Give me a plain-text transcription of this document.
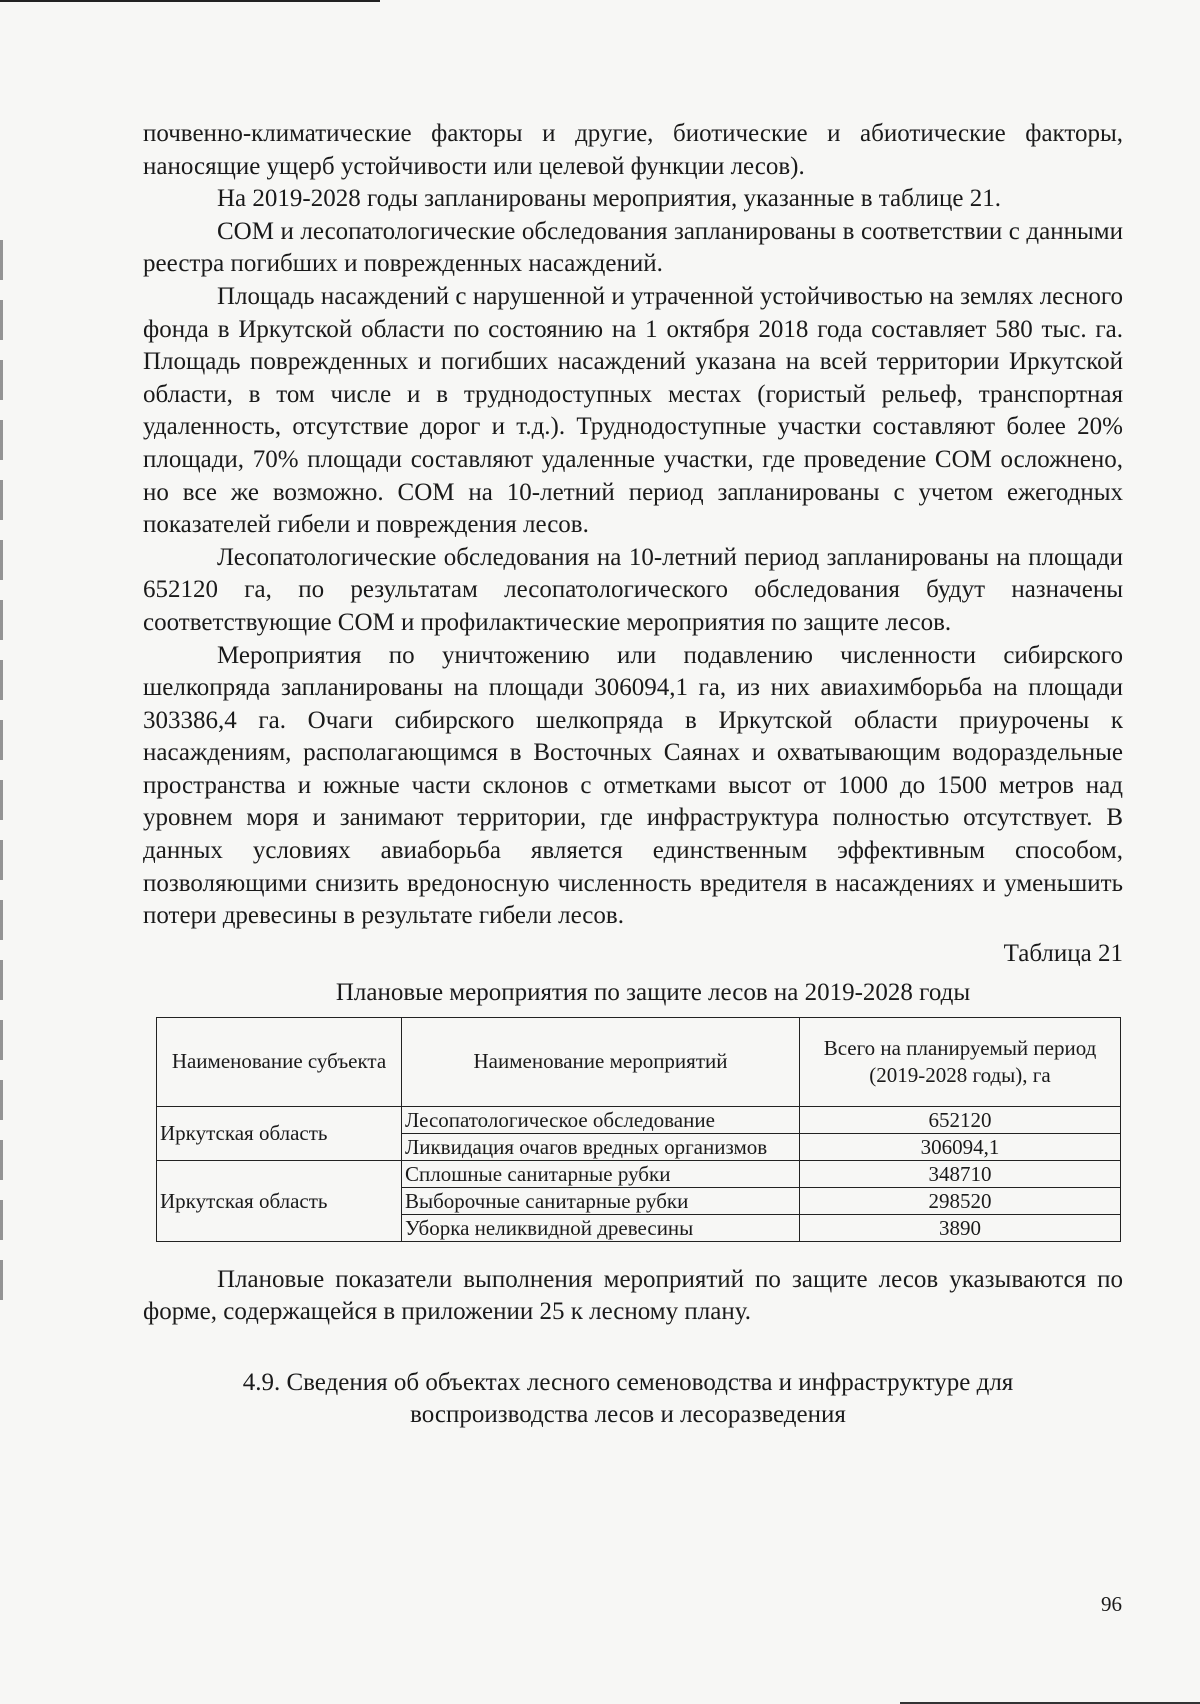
почвенно-климатические факторы и другие, биотические и абиотические факторы, наносящие ущерб устойчивости или целевой функции лесов).

На 2019-2028 годы запланированы мероприятия, указанные в таблице 21.

СОМ и лесопатологические обследования запланированы в соответствии с данными реестра погибших и поврежденных насаждений.

Площадь насаждений с нарушенной и утраченной устойчивостью на землях лесного фонда в Иркутской области по состоянию на 1 октября 2018 года составляет 580 тыс. га. Площадь поврежденных и погибших насаждений указана на всей территории Иркутской области, в том числе и в труднодоступных местах (гористый рельеф, транспортная удаленность, отсутствие дорог и т.д.). Труднодоступные участки составляют более 20% площади, 70% площади составляют удаленные участки, где проведение СОМ осложнено, но все же возможно. СОМ на 10-летний период запланированы с учетом ежегодных показателей гибели и повреждения лесов.

Лесопатологические обследования на 10-летний период запланированы на площади 652120 га, по результатам лесопатологического обследования будут назначены соответствующие СОМ и профилактические мероприятия по защите лесов.

Мероприятия по уничтожению или подавлению численности сибирского шелкопряда запланированы на площади 306094,1 га, из них авиахимборьба на площади 303386,4 га. Очаги сибирского шелкопряда в Иркутской области приурочены к насаждениям, располагающимся в Восточных Саянах и охватывающим водораздельные пространства и южные части склонов с отметками высот от 1000 до 1500 метров над уровнем моря и занимают территории, где инфраструктура полностью отсутствует. В данных условиях авиаборьба является единственным эффективным способом, позволяющими снизить вредоносную численность вредителя в насаждениях и уменьшить потери древесины в результате гибели лесов.

Таблица 21
Плановые мероприятия по защите лесов на 2019-2028 годы
Наименование субъекта	Наименование мероприятий	Всего на планируемый период (2019-2028 годы), га
Иркутская область	Лесопатологическое обследование	652120
	Ликвидация очагов вредных организмов	306094,1
Иркутская область	Сплошные санитарные рубки	348710
	Выборочные санитарные рубки	298520
	Уборка неликвидной древесины	3890

Плановые показатели выполнения мероприятий по защите лесов указываются по форме, содержащейся в приложении 25 к лесному плану.

4.9. Сведения об объектах лесного семеноводства и инфраструктуре для
воспроизводства лесов и лесоразведения
96
